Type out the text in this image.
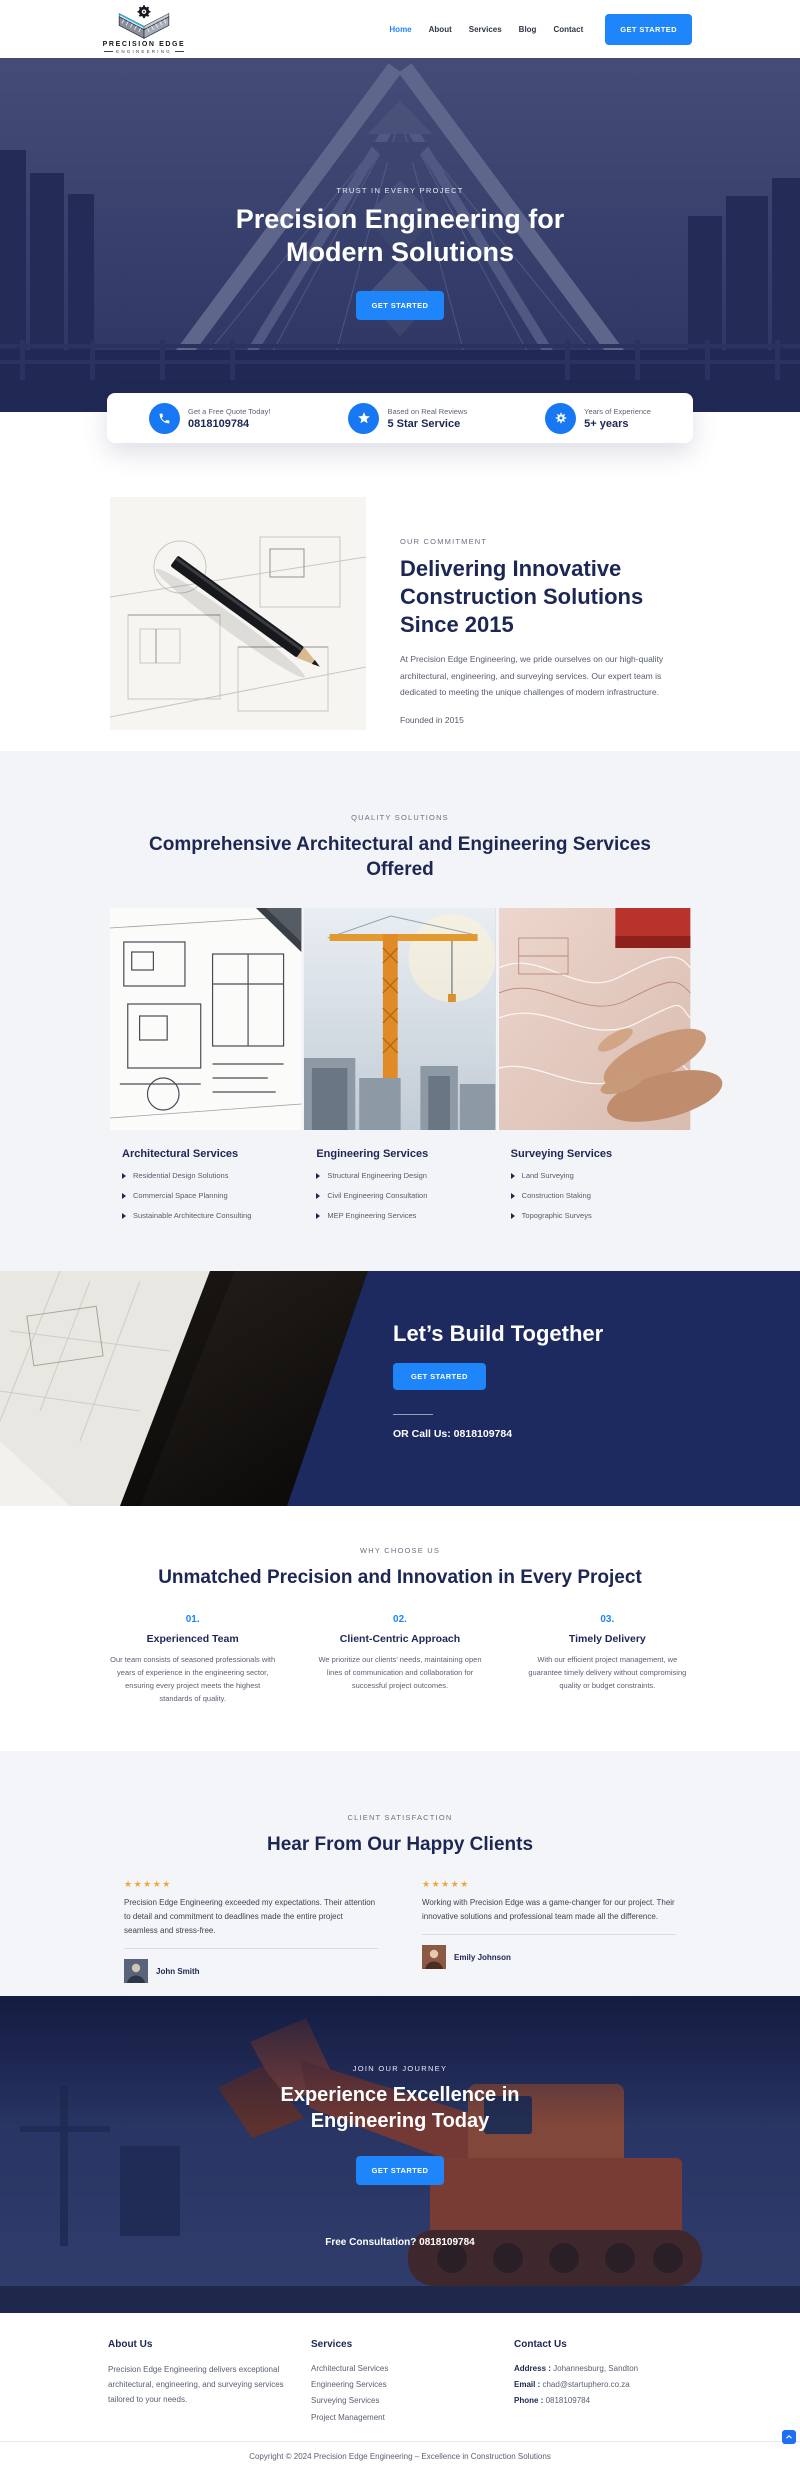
PRECISION EDGE
ENGINEERING
Home About Services Blog Contact	GET STARTED
TRUST IN EVERY PROJECT
Precision Engineering for
Modern Solutions
GET STARTED
Get a Free Quote Today!
0818109784
Based on Real Reviews
5 Star Service
Years of Experience
5+ years
OUR COMMITMENT
Delivering Innovative Construction Solutions Since 2015

At Precision Edge Engineering, we pride ourselves on our high-quality architectural, engineering, and surveying services. Our expert team is dedicated to meeting the unique challenges of modern infrastructure.

Founded in 2015

QUALITY SOLUTIONS
Comprehensive Architectural and Engineering Services Offered
Architectural Services
Residential Design Solutions
Commercial Space Planning
Sustainable Architecture Consulting
Engineering Services
Structural Engineering Design
Civil Engineering Consultation
MEP Engineering Services
Surveying Services
Land Surveying
Construction Staking
Topographic Surveys
Let’s Build Together
GET STARTED
OR Call Us: 0818109784
WHY CHOOSE US
Unmatched Precision and Innovation in Every Project
01.
Experienced Team

Our team consists of seasoned professionals with years of experience in the engineering sector, ensuring every project meets the highest standards of quality.

02.
Client-Centric Approach

We prioritize our clients’ needs, maintaining open lines of communication and collaboration for successful project outcomes.

03.
Timely Delivery

With our efficient project management, we guarantee timely delivery without compromising quality or budget constraints.

CLIENT SATISFACTION
Hear From Our Happy Clients
★★★★★

Precision Edge Engineering exceeded my expectations. Their attention to detail and commitment to deadlines made the entire project seamless and stress-free.

John Smith
★★★★★

Working with Precision Edge was a game-changer for our project. Their innovative solutions and professional team made all the difference.

Emily Johnson
JOIN OUR JOURNEY
Experience Excellence in
Engineering Today
GET STARTED
Free Consultation? 0818109784
About Us

Precision Edge Engineering delivers exceptional architectural, engineering, and surveying services tailored to your needs.

Services
Architectural Services
Engineering Services
Surveying Services
Project Management
Contact Us
Address : Johannesburg, Sandton
Email : chad@startuphero.co.za
Phone : 0818109784
Copyright © 2024 Precision Edge Engineering – Excellence in Construction Solutions
